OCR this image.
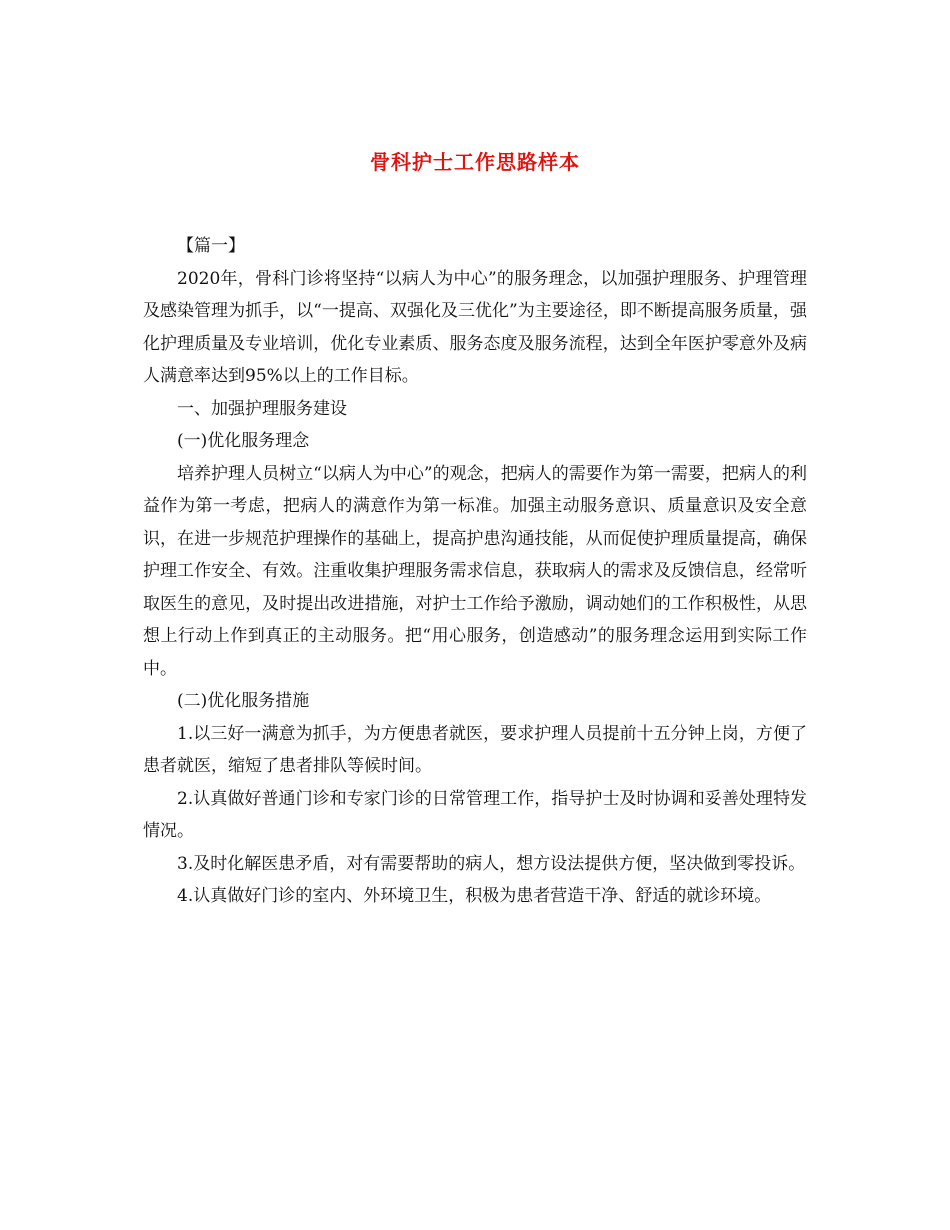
骨科护士工作思路样本

【篇一】

2020年，骨科门诊将坚持“以病人为中心”的服务理念，以加强护理服务、护理管理及感染管理为抓手，以“一提高、双强化及三优化”为主要途径，即不断提高服务质量，强化护理质量及专业培训，优化专业素质、服务态度及服务流程，达到全年医护零意外及病人满意率达到95%以上的工作目标。

一、加强护理服务建设

(一)优化服务理念

培养护理人员树立“以病人为中心”的观念，把病人的需要作为第一需要，把病人的利益作为第一考虑，把病人的满意作为第一标准。加强主动服务意识、质量意识及安全意识，在进一步规范护理操作的基础上，提高护患沟通技能，从而促使护理质量提高，确保护理工作安全、有效。注重收集护理服务需求信息，获取病人的需求及反馈信息，经常听取医生的意见，及时提出改进措施，对护士工作给予激励，调动她们的工作积极性，从思想上行动上作到真正的主动服务。把“用心服务，创造感动”的服务理念运用到实际工作中。

(二)优化服务措施

1.以三好一满意为抓手，为方便患者就医，要求护理人员提前十五分钟上岗，方便了患者就医，缩短了患者排队等候时间。

2.认真做好普通门诊和专家门诊的日常管理工作，指导护士及时协调和妥善处理特发情况。

3.及时化解医患矛盾，对有需要帮助的病人，想方设法提供方便，坚决做到零投诉。

4.认真做好门诊的室内、外环境卫生，积极为患者营造干净、舒适的就诊环境。
